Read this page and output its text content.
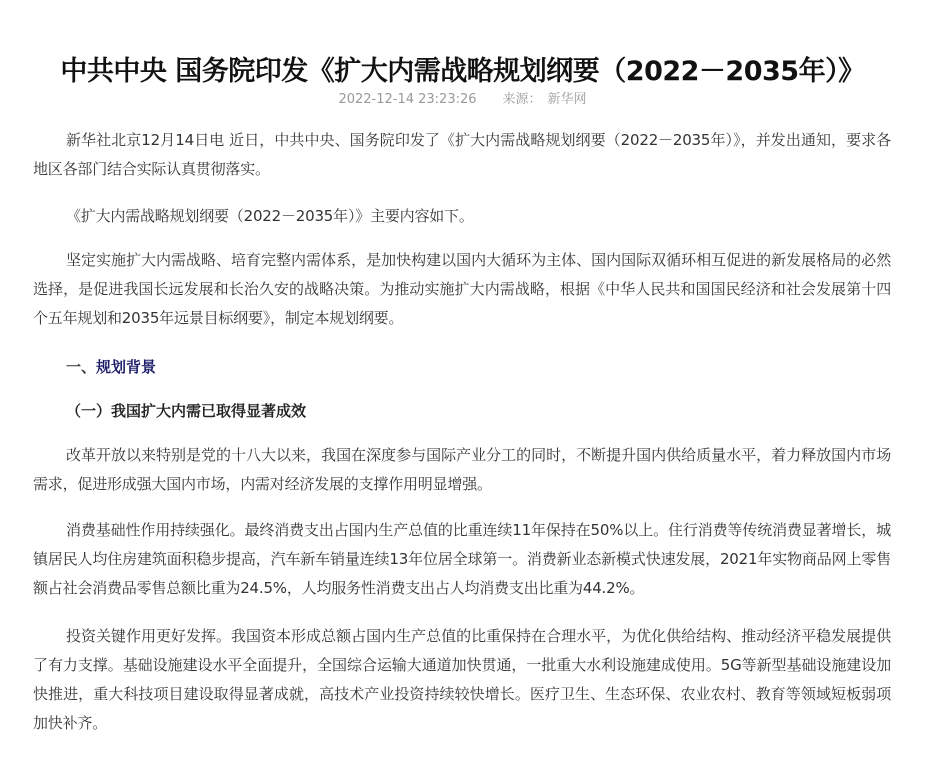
中共中央 国务院印发《扩大内需战略规划纲要（2022－2035年）》
2022-12-14 23:23:26 来源： 新华网

新华社北京12月14日电 近日，中共中央、国务院印发了《扩大内需战略规划纲要（2022－2035年）》，并发出通知，要求各地区各部门结合实际认真贯彻落实。

《扩大内需战略规划纲要（2022－2035年）》主要内容如下。

坚定实施扩大内需战略、培育完整内需体系，是加快构建以国内大循环为主体、国内国际双循环相互促进的新发展格局的必然选择，是促进我国长远发展和长治久安的战略决策。为推动实施扩大内需战略，根据《中华人民共和国国民经济和社会发展第十四个五年规划和2035年远景目标纲要》，制定本规划纲要。

一、规划背景

（一）我国扩大内需已取得显著成效

改革开放以来特别是党的十八大以来，我国在深度参与国际产业分工的同时，不断提升国内供给质量水平，着力释放国内市场需求，促进形成强大国内市场，内需对经济发展的支撑作用明显增强。

消费基础性作用持续强化。最终消费支出占国内生产总值的比重连续11年保持在50%以上。住行消费等传统消费显著增长，城镇居民人均住房建筑面积稳步提高，汽车新车销量连续13年位居全球第一。消费新业态新模式快速发展，2021年实物商品网上零售额占社会消费品零售总额比重为24.5%，人均服务性消费支出占人均消费支出比重为44.2%。

投资关键作用更好发挥。我国资本形成总额占国内生产总值的比重保持在合理水平，为优化供给结构、推动经济平稳发展提供了有力支撑。基础设施建设水平全面提升，全国综合运输大通道加快贯通，一批重大水利设施建成使用。5G等新型基础设施建设加快推进，重大科技项目建设取得显著成就，高技术产业投资持续较快增长。医疗卫生、生态环保、农业农村、教育等领域短板弱项加快补齐。
